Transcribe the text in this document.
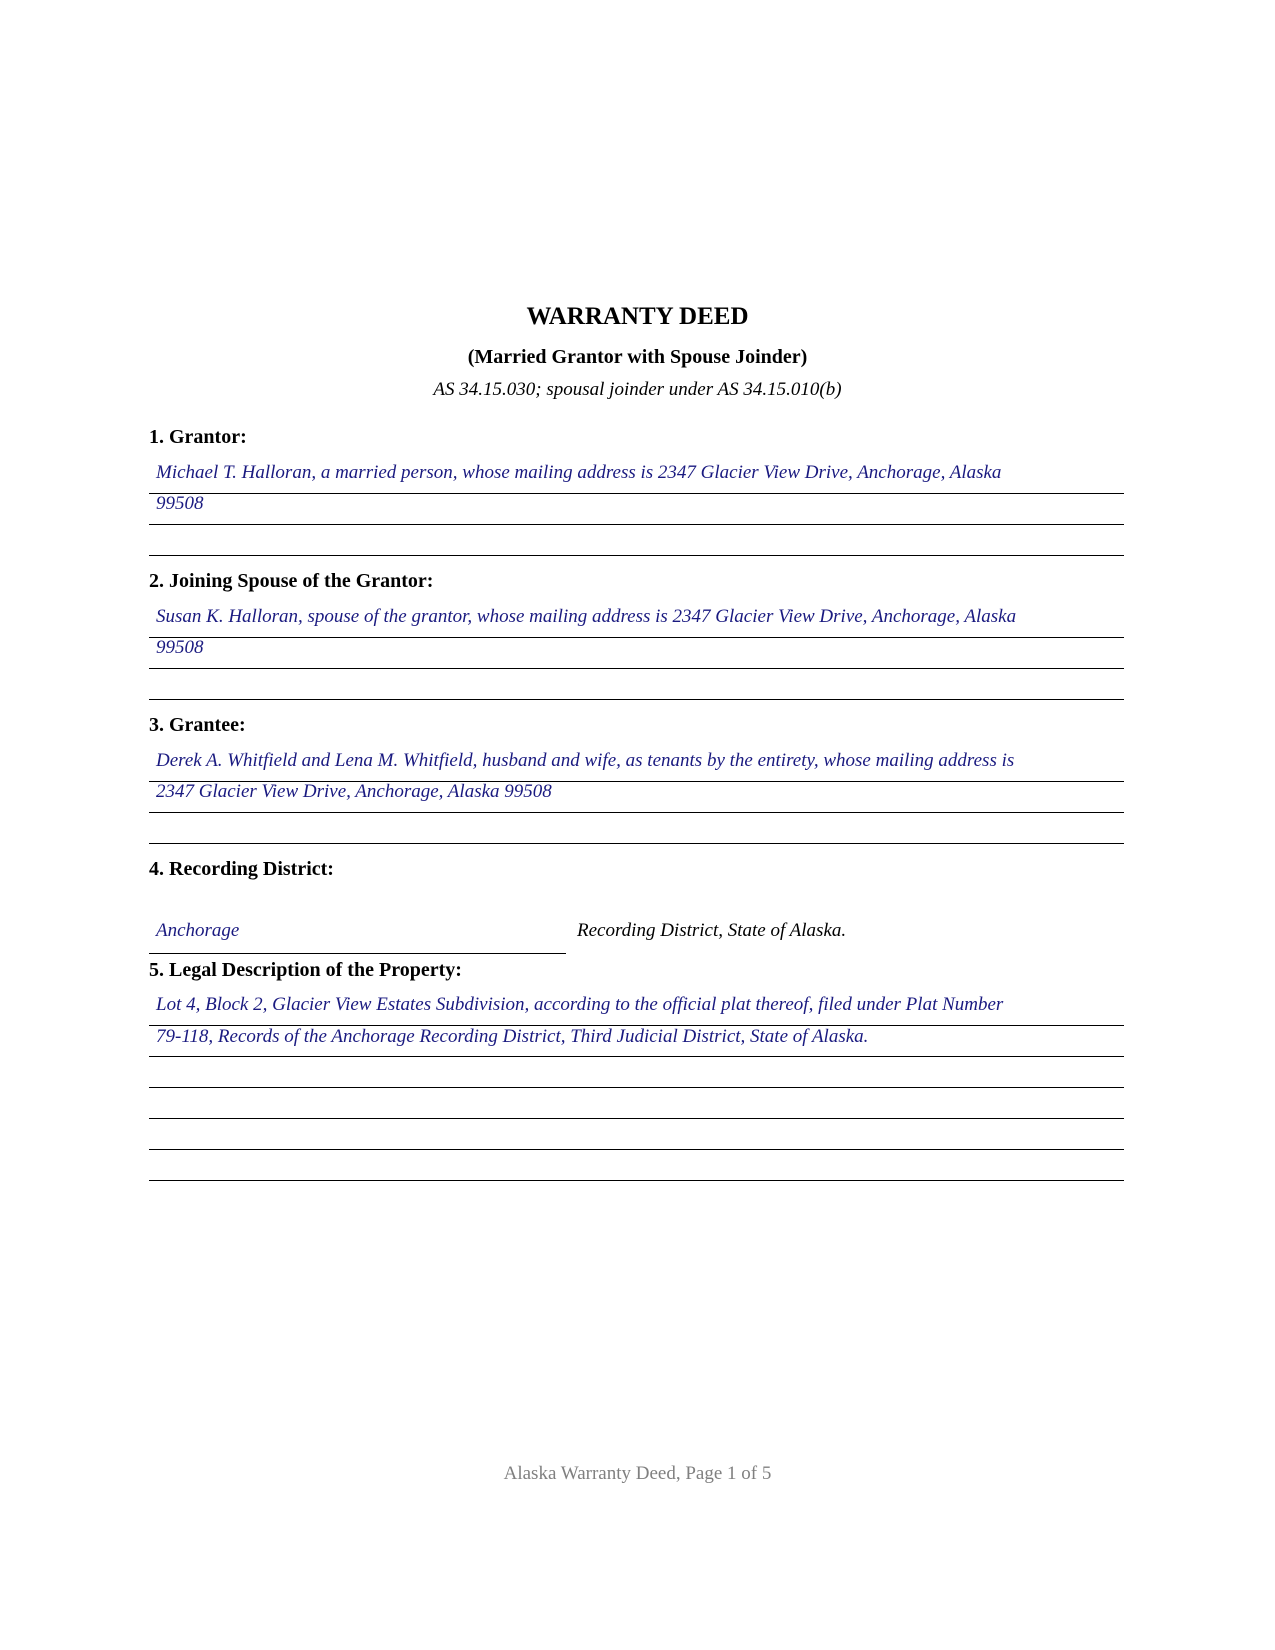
WARRANTY DEED
(Married Grantor with Spouse Joinder)
AS 34.15.030; spousal joinder under AS 34.15.010(b)
1. Grantor:
Michael T. Halloran, a married person, whose mailing address is 2347 Glacier View Drive, Anchorage, Alaska
99508
2. Joining Spouse of the Grantor:
Susan K. Halloran, spouse of the grantor, whose mailing address is 2347 Glacier View Drive, Anchorage, Alaska
99508
3. Grantee:
Derek A. Whitfield and Lena M. Whitfield, husband and wife, as tenants by the entirety, whose mailing address is
2347 Glacier View Drive, Anchorage, Alaska 99508
4. Recording District:
Anchorage	Recording District, State of Alaska.
5. Legal Description of the Property:
Lot 4, Block 2, Glacier View Estates Subdivision, according to the official plat thereof, filed under Plat Number
79-118, Records of the Anchorage Recording District, Third Judicial District, State of Alaska.
Alaska Warranty Deed, Page 1 of 5
